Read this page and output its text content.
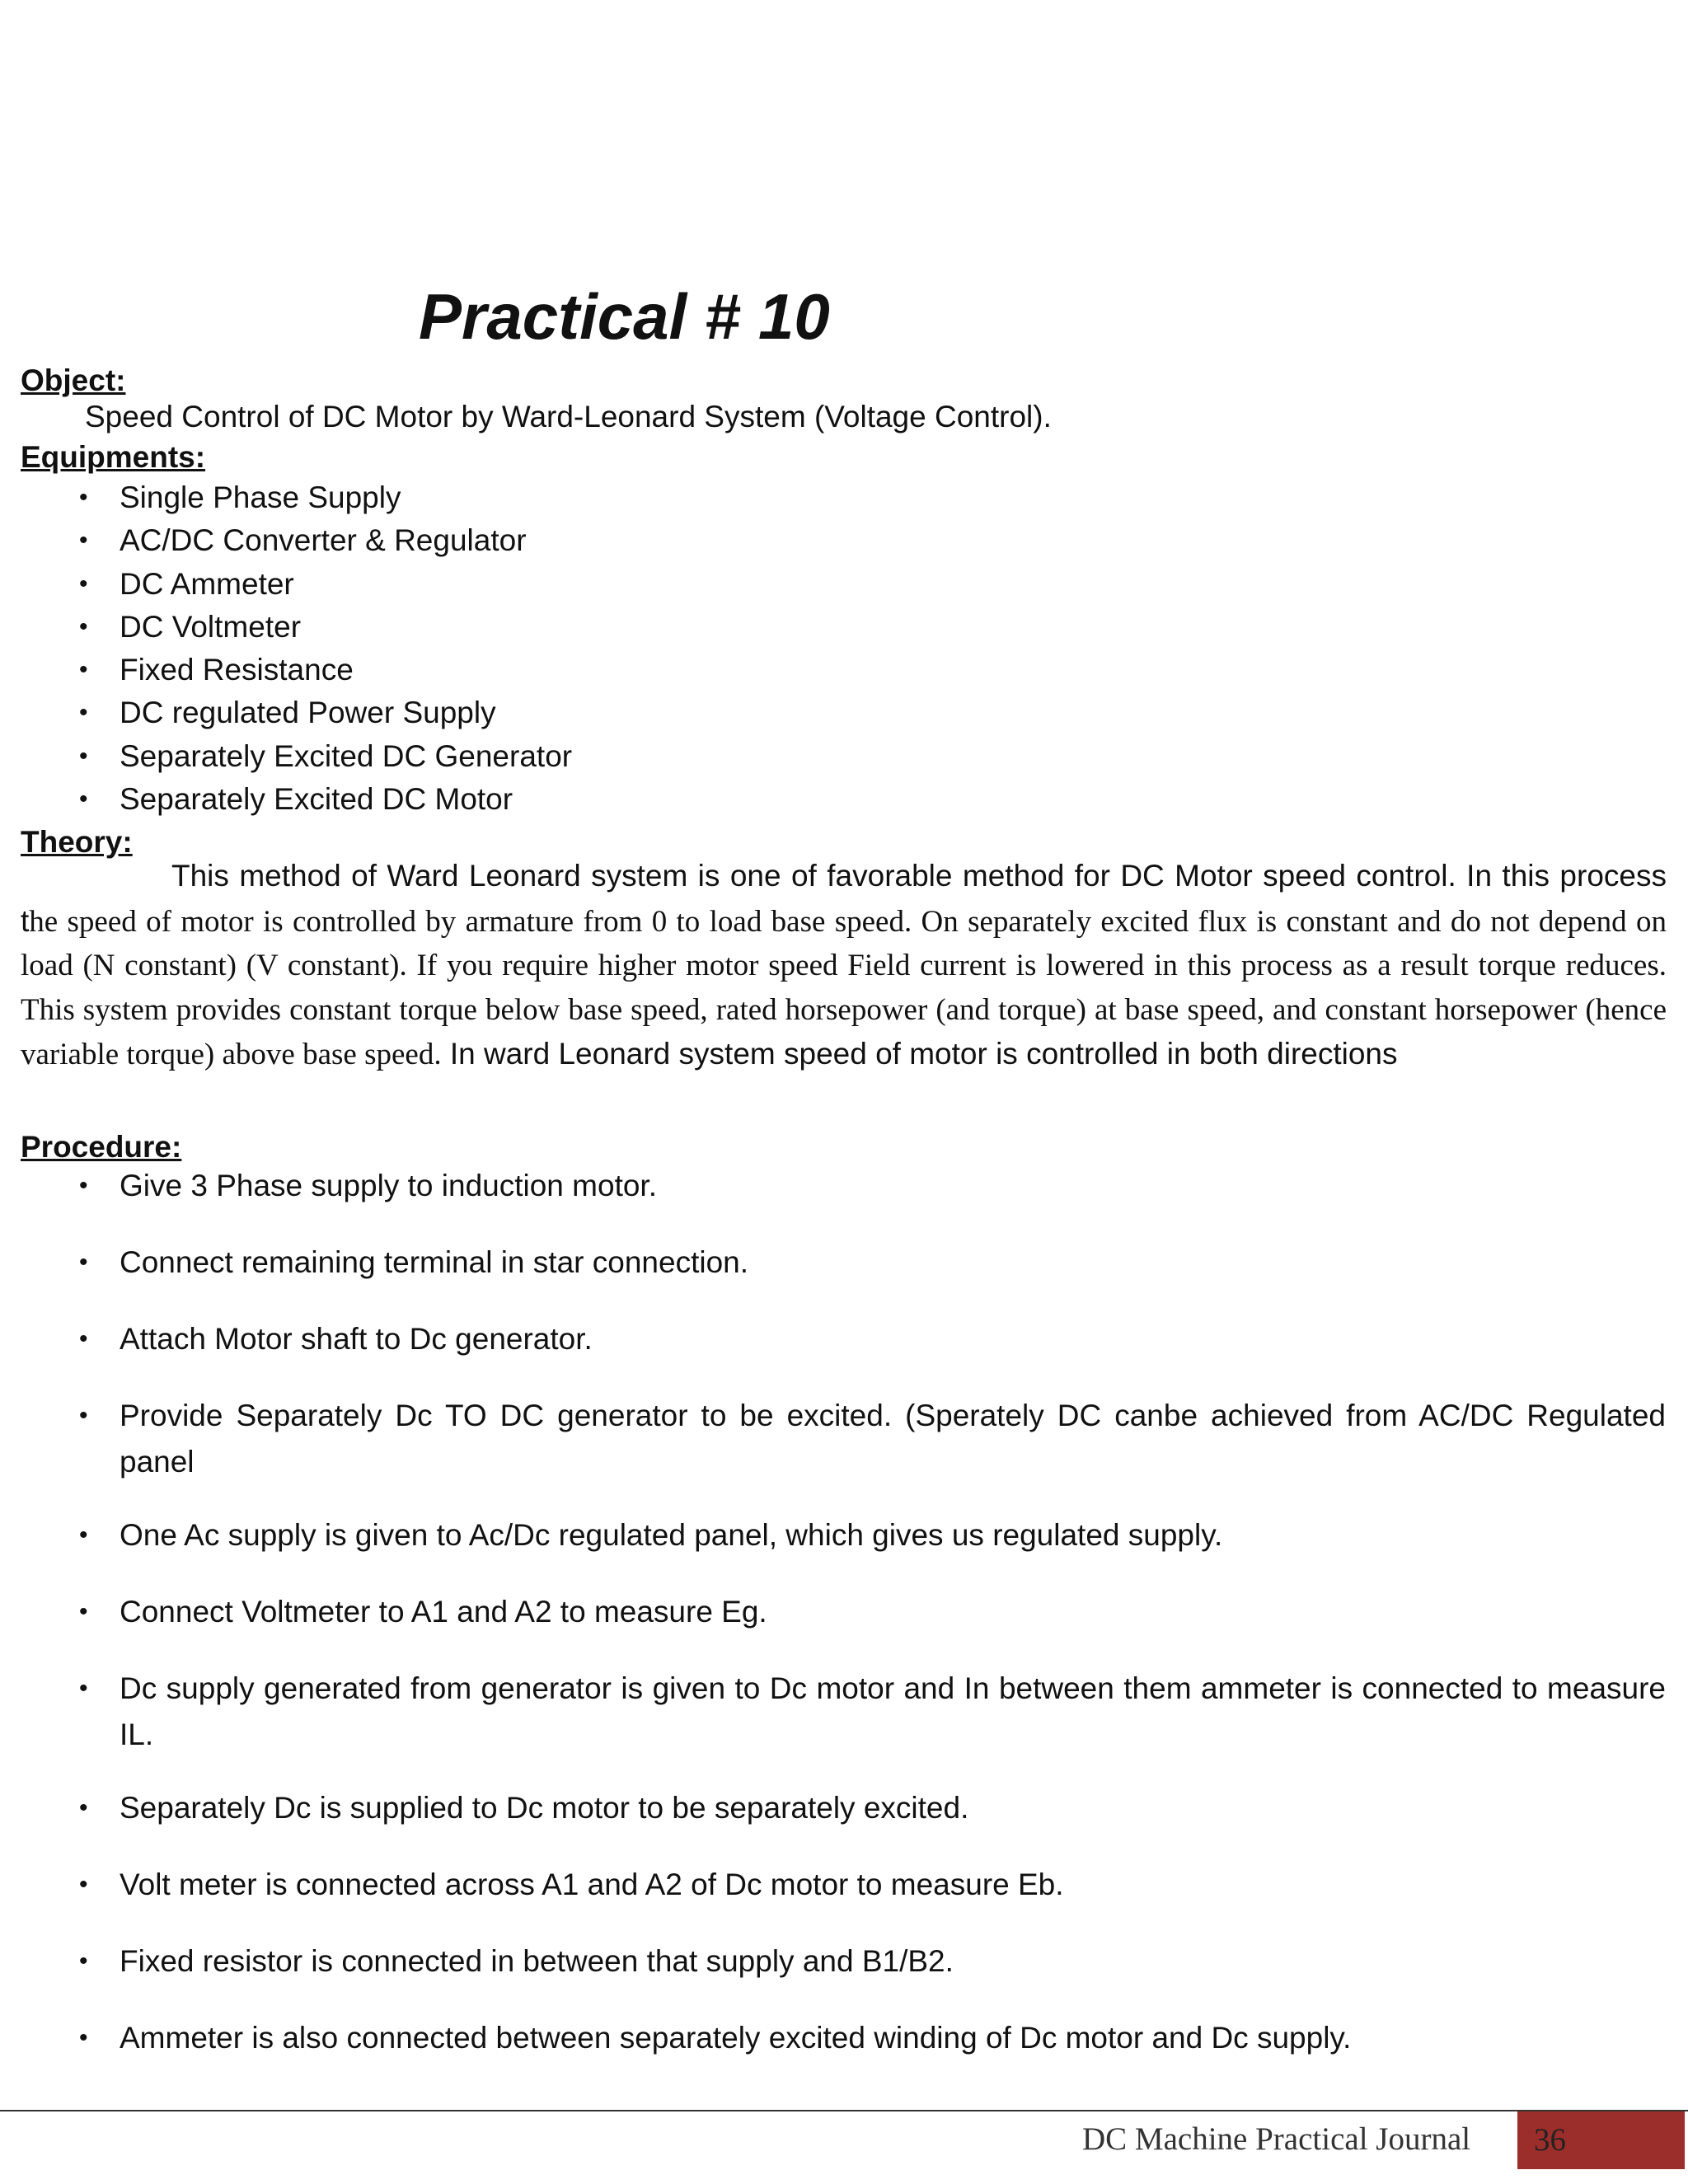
Practical # 10
Object:

Speed Control of DC Motor by Ward-Leonard System (Voltage Control).

Equipments:
• Single Phase Supply
• AC/DC Converter & Regulator
• DC Ammeter
• DC Voltmeter
• Fixed Resistance
• DC regulated Power Supply
• Separately Excited DC Generator
• Separately Excited DC Motor
Theory:

This method of Ward Leonard system is one of favorable method for DC Motor speed control. In this process the speed of motor is controlled by armature from 0 to load base speed. On separately excited flux is constant and do not depend on load (N constant) (V constant). If you require higher motor speed Field current is lowered in this process as a result torque reduces. This system provides constant torque below base speed, rated horsepower (and torque) at base speed, and constant horsepower (hence variable torque) above base speed. In ward Leonard system speed of motor is controlled in both directions

Procedure:
• Give 3 Phase supply to induction motor.
• Connect remaining terminal in star connection.
• Attach Motor shaft to Dc generator.
• Provide Separately Dc TO DC generator to be excited. (Sperately DC canbe achieved from AC/DC Regulated panel
• One Ac supply is given to Ac/Dc regulated panel, which gives us regulated supply.
• Connect Voltmeter to A1 and A2 to measure Eg.
• Dc supply generated from generator is given to Dc motor and In between them ammeter is connected to measure IL.
• Separately Dc is supplied to Dc motor to be separately excited.
• Volt meter is connected across A1 and A2 of Dc motor to measure Eb.
• Fixed resistor is connected in between that supply and B1/B2.
• Ammeter is also connected between separately excited winding of Dc motor and Dc supply.

DC Machine Practical Journal	36
